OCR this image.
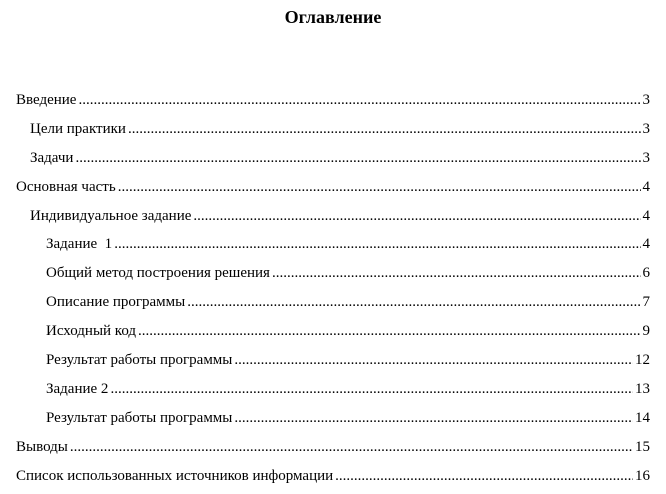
Оглавление
Введение .....	3
Цели практики .....	3
Задачи .....	3
Основная часть .....	4
Индивидуальное задание .....	4
Задание  1 .....	4
Общий метод построения решения .....	6
Описание программы .....	7
Исходный код .....	9
Результат работы программы .....	12
Задание 2 .....	13
Результат работы программы .....	14
Выводы .....	15
Список использованных источников информации .....	16
